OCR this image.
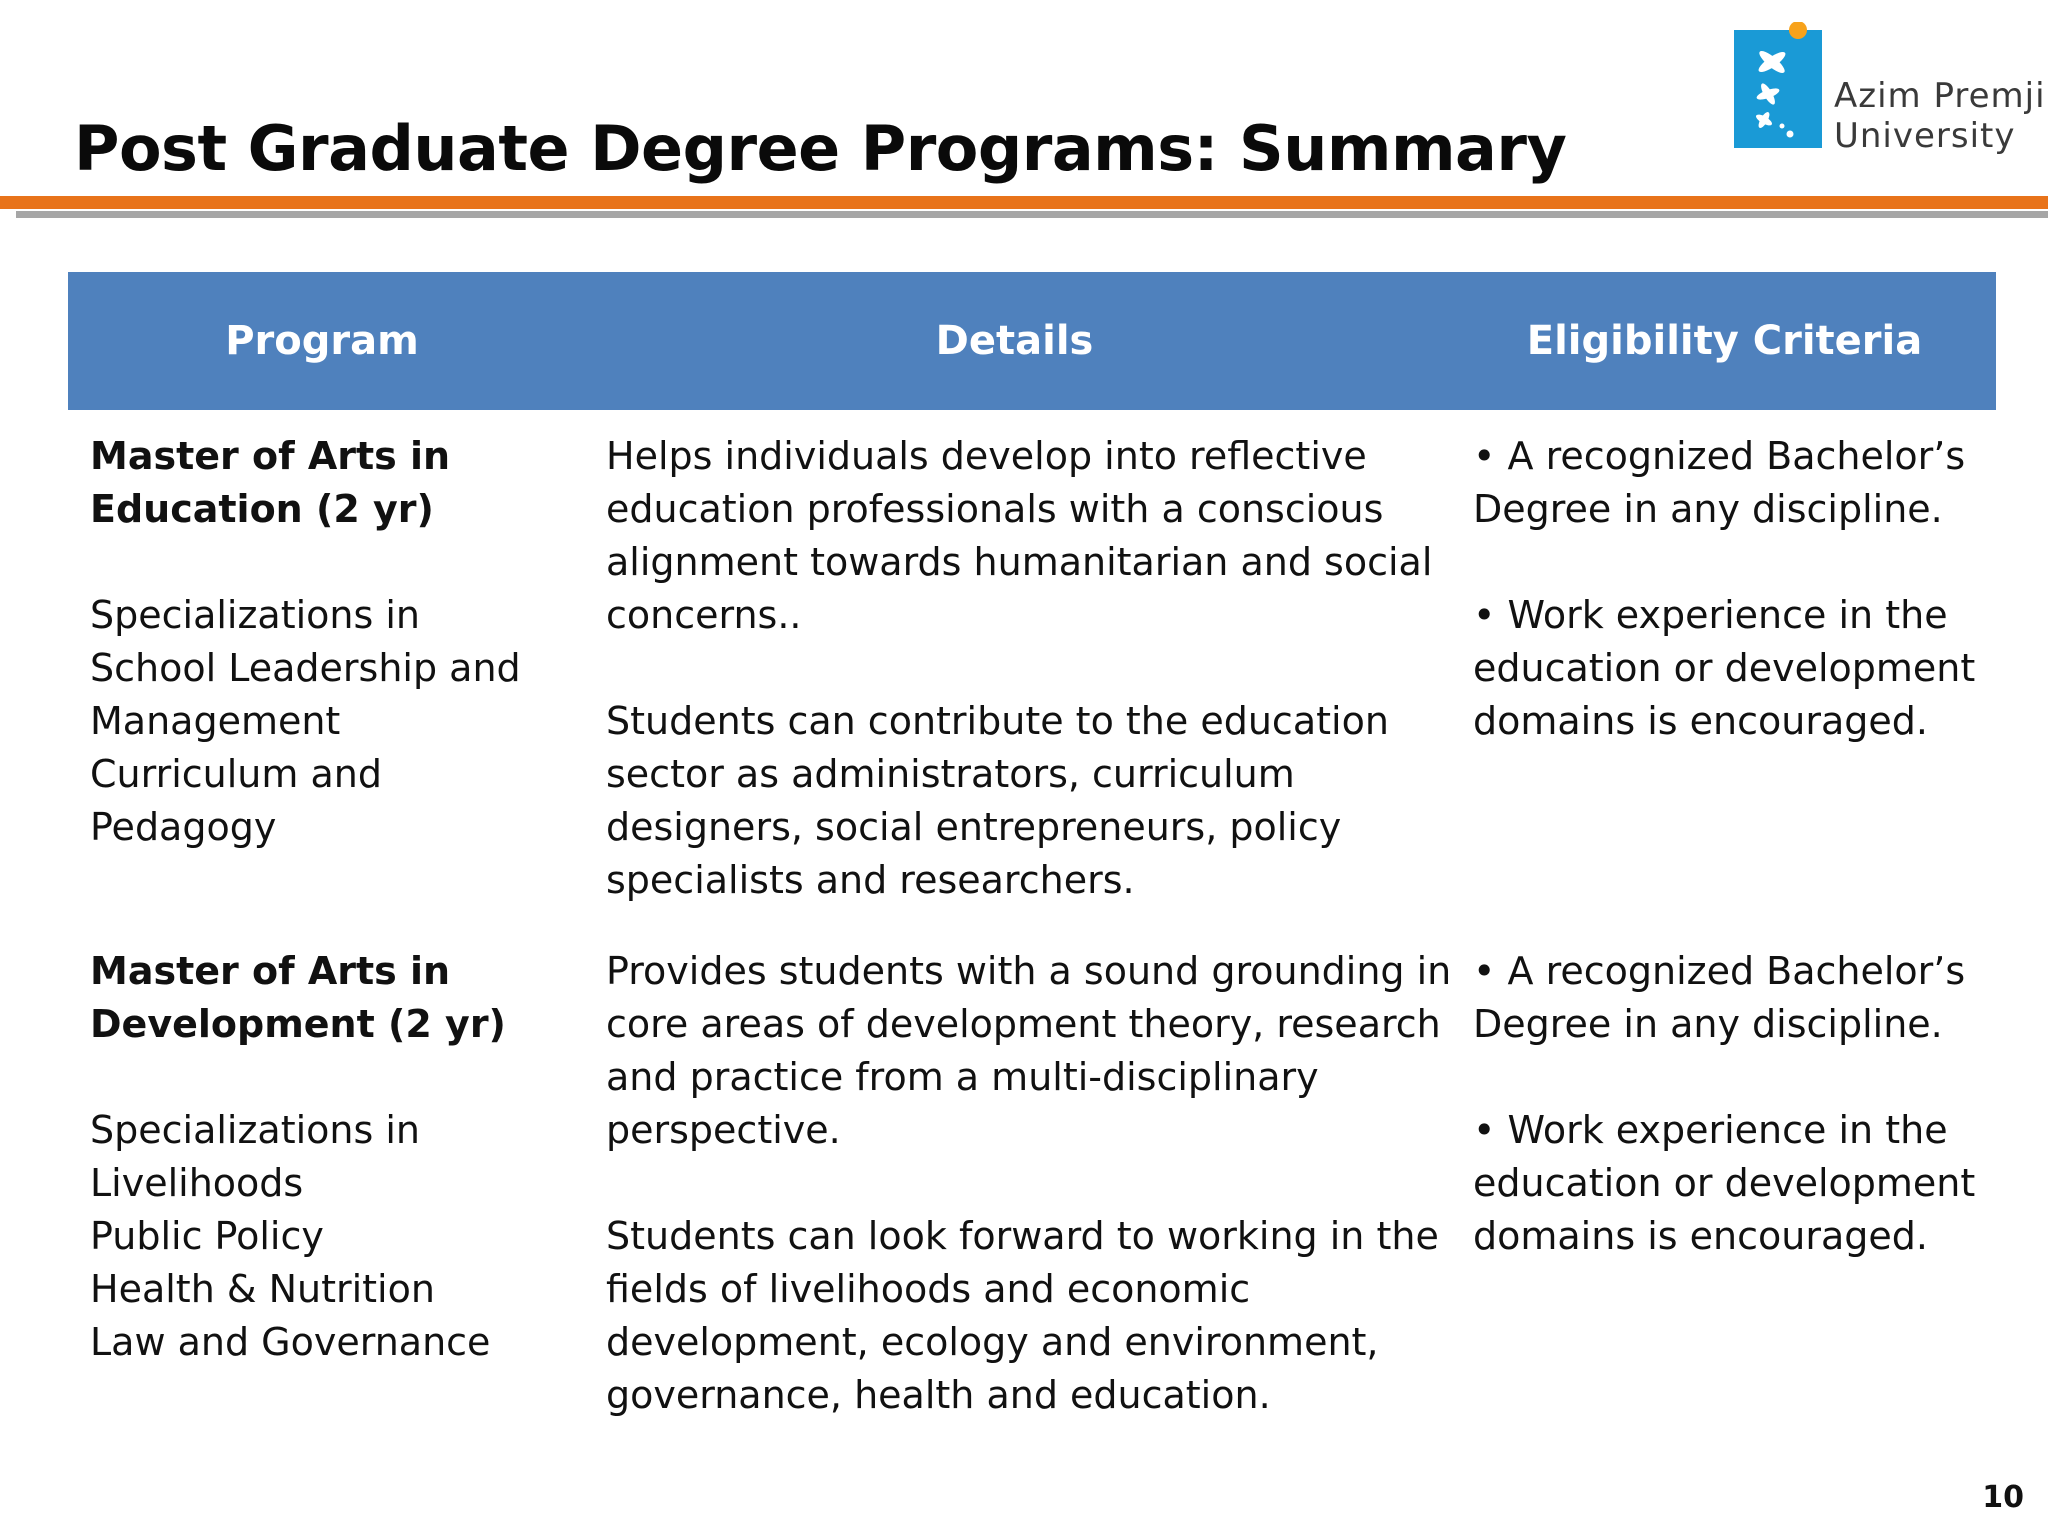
Post Graduate Degree Programs: Summary
Azim Premji
University
Program	Details	Eligibility Criteria
Master of Arts in
Education (2 yr)
Specializations in
School Leadership and
Management
Curriculum and
Pedagogy
Helps individuals develop into reflective
education professionals with a conscious
alignment towards humanitarian and social
concerns..
Students can contribute to the education
sector as administrators, curriculum
designers, social entrepreneurs, policy
specialists and researchers.
• A recognized Bachelor’s
Degree in any discipline.
• Work experience in the
education or development
domains is encouraged.
Master of Arts in
Development (2 yr)
Specializations in
Livelihoods
Public Policy
Health & Nutrition
Law and Governance
Provides students with a sound grounding in
core areas of development theory, research
and practice from a multi-disciplinary
perspective.
Students can look forward to working in the
fields of livelihoods and economic
development, ecology and environment,
governance, health and education.
• A recognized Bachelor’s
Degree in any discipline.
• Work experience in the
education or development
domains is encouraged.
10
